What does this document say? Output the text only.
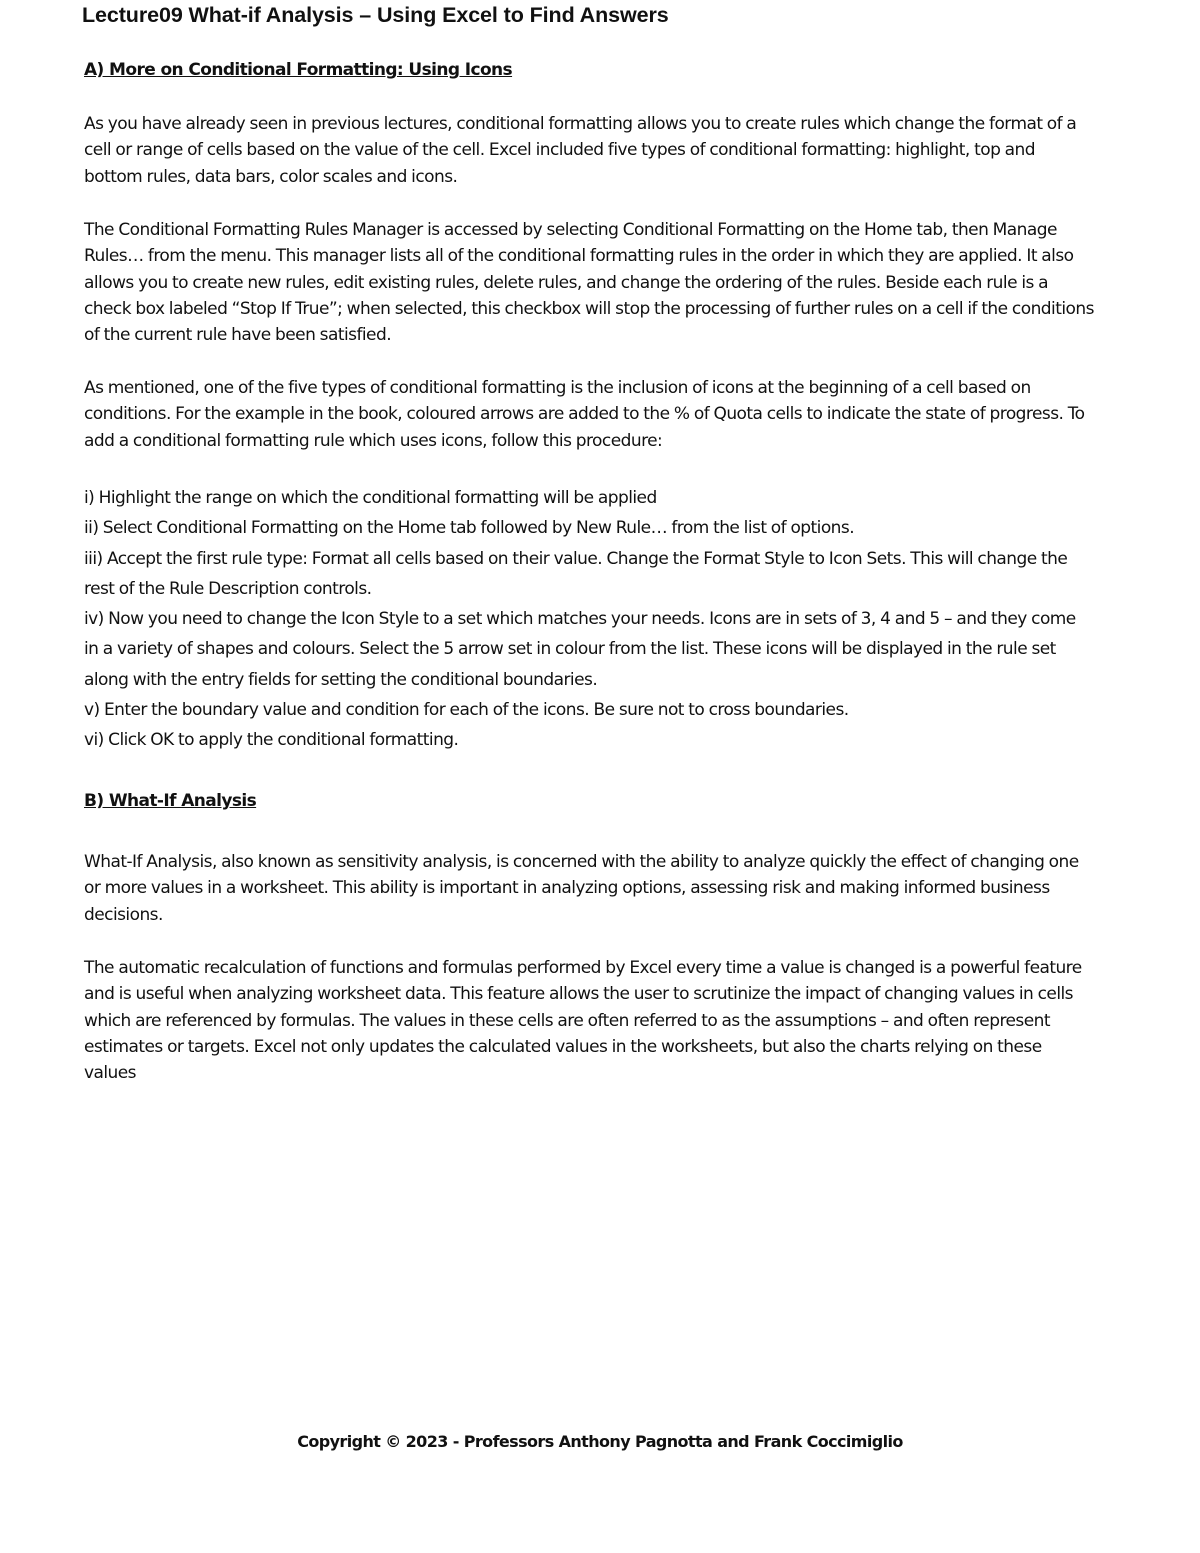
Lecture09 What-if Analysis – Using Excel to Find Answers
A) More on Conditional Formatting: Using Icons

As you have already seen in previous lectures, conditional formatting allows you to create rules which change the format of a cell or range of cells based on the value of the cell. Excel included five types of conditional formatting: highlight, top and bottom rules, data bars, color scales and icons.

The Conditional Formatting Rules Manager is accessed by selecting Conditional Formatting on the Home tab, then Manage Rules… from the menu. This manager lists all of the conditional formatting rules in the order in which they are applied. It also allows you to create new rules, edit existing rules, delete rules, and change the ordering of the rules. Beside each rule is a check box labeled “Stop If True”; when selected, this checkbox will stop the processing of further rules on a cell if the conditions of the current rule have been satisfied.

As mentioned, one of the five types of conditional formatting is the inclusion of icons at the beginning of a cell based on conditions. For the example in the book, coloured arrows are added to the % of Quota cells to indicate the state of progress. To add a conditional formatting rule which uses icons, follow this procedure:

i) Highlight the range on which the conditional formatting will be applied
ii) Select Conditional Formatting on the Home tab followed by New Rule… from the list of options.
iii) Accept the first rule type: Format all cells based on their value. Change the Format Style to Icon Sets. This will change the rest of the Rule Description controls.
iv) Now you need to change the Icon Style to a set which matches your needs. Icons are in sets of 3, 4 and 5 – and they come in a variety of shapes and colours. Select the 5 arrow set in colour from the list. These icons will be displayed in the rule set along with the entry fields for setting the conditional boundaries.
v) Enter the boundary value and condition for each of the icons. Be sure not to cross boundaries.
vi) Click OK to apply the conditional formatting.
B) What-If Analysis

What-If Analysis, also known as sensitivity analysis, is concerned with the ability to analyze quickly the effect of changing one or more values in a worksheet. This ability is important in analyzing options, assessing risk and making informed business decisions.

The automatic recalculation of functions and formulas performed by Excel every time a value is changed is a powerful feature and is useful when analyzing worksheet data. This feature allows the user to scrutinize the impact of changing values in cells which are referenced by formulas. The values in these cells are often referred to as the assumptions – and often represent estimates or targets. Excel not only updates the calculated values in the worksheets, but also the charts relying on these values

Copyright © 2023 - Professors Anthony Pagnotta and Frank Coccimiglio
